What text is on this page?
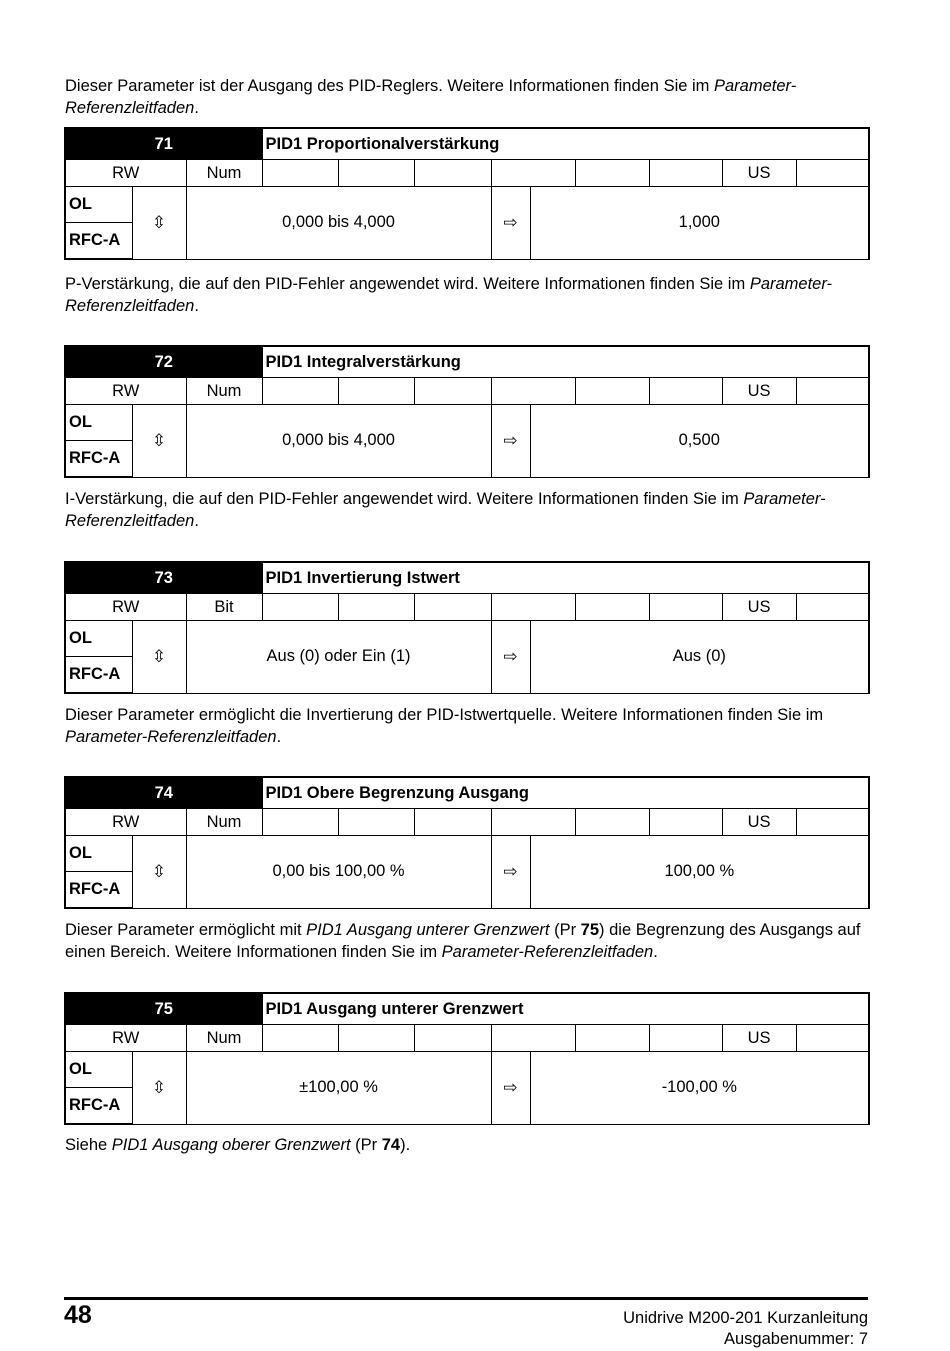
Dieser Parameter ist der Ausgang des PID-Reglers. Weitere Informationen finden Sie im Parameter-Referenzleitfaden.

71			PID1 Proportionalverstärkung								
RW		Num								US	
OL	⇳	0,000 bis 4,000				⇨	1,000				
RFC-A											

P-Verstärkung, die auf den PID-Fehler angewendet wird. Weitere Informationen finden Sie im Parameter-Referenzleitfaden.

72			PID1 Integralverstärkung								
RW		Num								US	
OL	⇳	0,000 bis 4,000				⇨	0,500				
RFC-A											

I-Verstärkung, die auf den PID-Fehler angewendet wird. Weitere Informationen finden Sie im Parameter-Referenzleitfaden.

73			PID1 Invertierung Istwert								
RW		Bit								US	
OL	⇳	Aus (0) oder Ein (1)				⇨	Aus (0)				
RFC-A											

Dieser Parameter ermöglicht die Invertierung der PID-Istwertquelle. Weitere Informationen finden Sie im Parameter-Referenzleitfaden.

74			PID1 Obere Begrenzung Ausgang								
RW		Num								US	
OL	⇳	0,00 bis 100,00 %				⇨	100,00 %				
RFC-A											

Dieser Parameter ermöglicht mit PID1 Ausgang unterer Grenzwert (Pr 75) die Begrenzung des Ausgangs auf einen Bereich. Weitere Informationen finden Sie im Parameter-Referenzleitfaden.

75			PID1 Ausgang unterer Grenzwert								
RW		Num								US	
OL	⇳	±100,00 %				⇨	-100,00 %				
RFC-A											

Siehe PID1 Ausgang oberer Grenzwert (Pr 74).

48	Unidrive M200-201 Kurzanleitung
Ausgabenummer: 7
